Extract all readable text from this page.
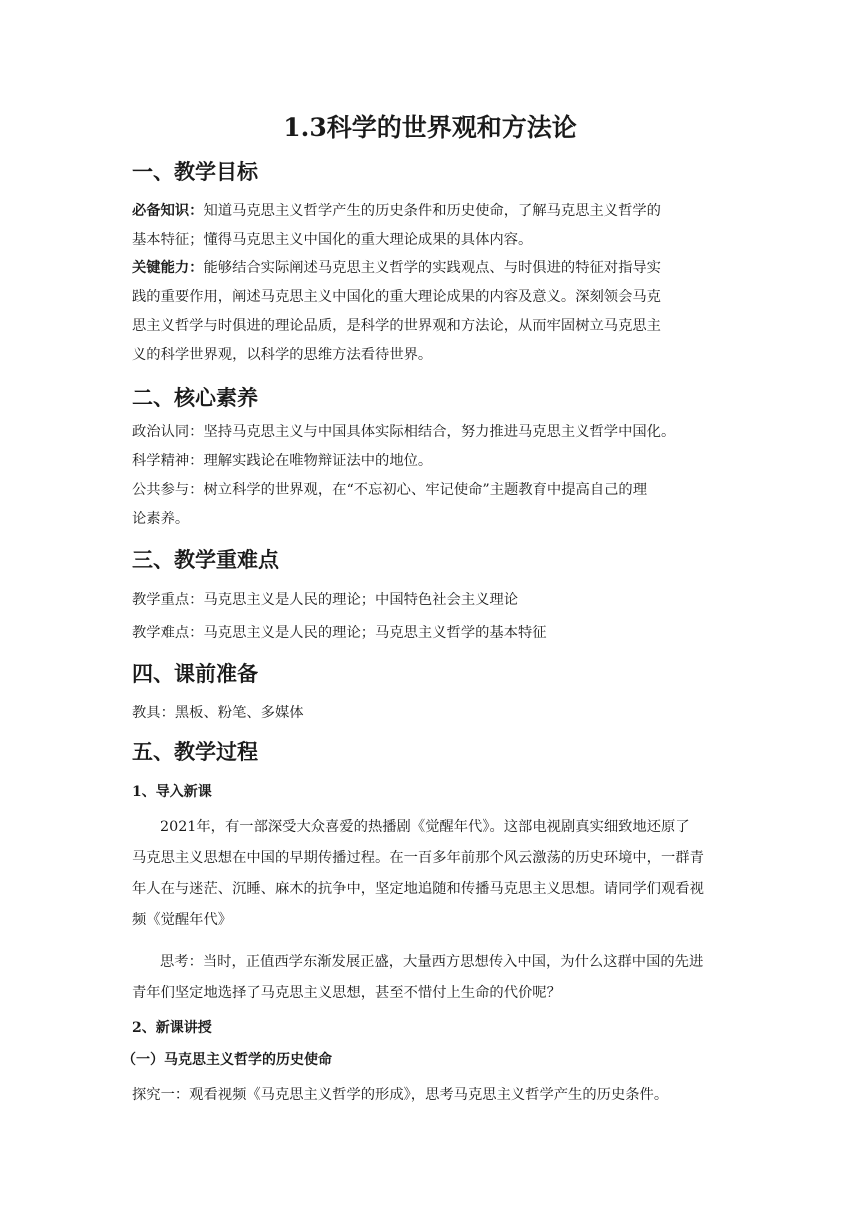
1.3科学的世界观和方法论
一、教学目标
必备知识：知道马克思主义哲学产生的历史条件和历史使命，了解马克思主义哲学的
基本特征；懂得马克思主义中国化的重大理论成果的具体内容。
关键能力：能够结合实际阐述马克思主义哲学的实践观点、与时俱进的特征对指导实
践的重要作用，阐述马克思主义中国化的重大理论成果的内容及意义。深刻领会马克
思主义哲学与时俱进的理论品质，是科学的世界观和方法论，从而牢固树立马克思主
义的科学世界观，以科学的思维方法看待世界。
二、核心素养
政治认同：坚持马克思主义与中国具体实际相结合，努力推进马克思主义哲学中国化。
科学精神：理解实践论在唯物辩证法中的地位。
公共参与：树立科学的世界观，在“不忘初心、牢记使命”主题教育中提高自己的理
论素养。
三、教学重难点
教学重点：马克思主义是人民的理论；中国特色社会主义理论
教学难点：马克思主义是人民的理论；马克思主义哲学的基本特征
四、课前准备
教具：黑板、粉笔、多媒体
五、教学过程
1、导入新课
2021年，有一部深受大众喜爱的热播剧《觉醒年代》。这部电视剧真实细致地还原了
马克思主义思想在中国的早期传播过程。在一百多年前那个风云激荡的历史环境中，一群青
年人在与迷茫、沉睡、麻木的抗争中，坚定地追随和传播马克思主义思想。请同学们观看视
频《觉醒年代》
思考：当时，正值西学东渐发展正盛，大量西方思想传入中国，为什么这群中国的先进
青年们坚定地选择了马克思主义思想，甚至不惜付上生命的代价呢？
2、新课讲授
（一）马克思主义哲学的历史使命
探究一：观看视频《马克思主义哲学的形成》，思考马克思主义哲学产生的历史条件。
